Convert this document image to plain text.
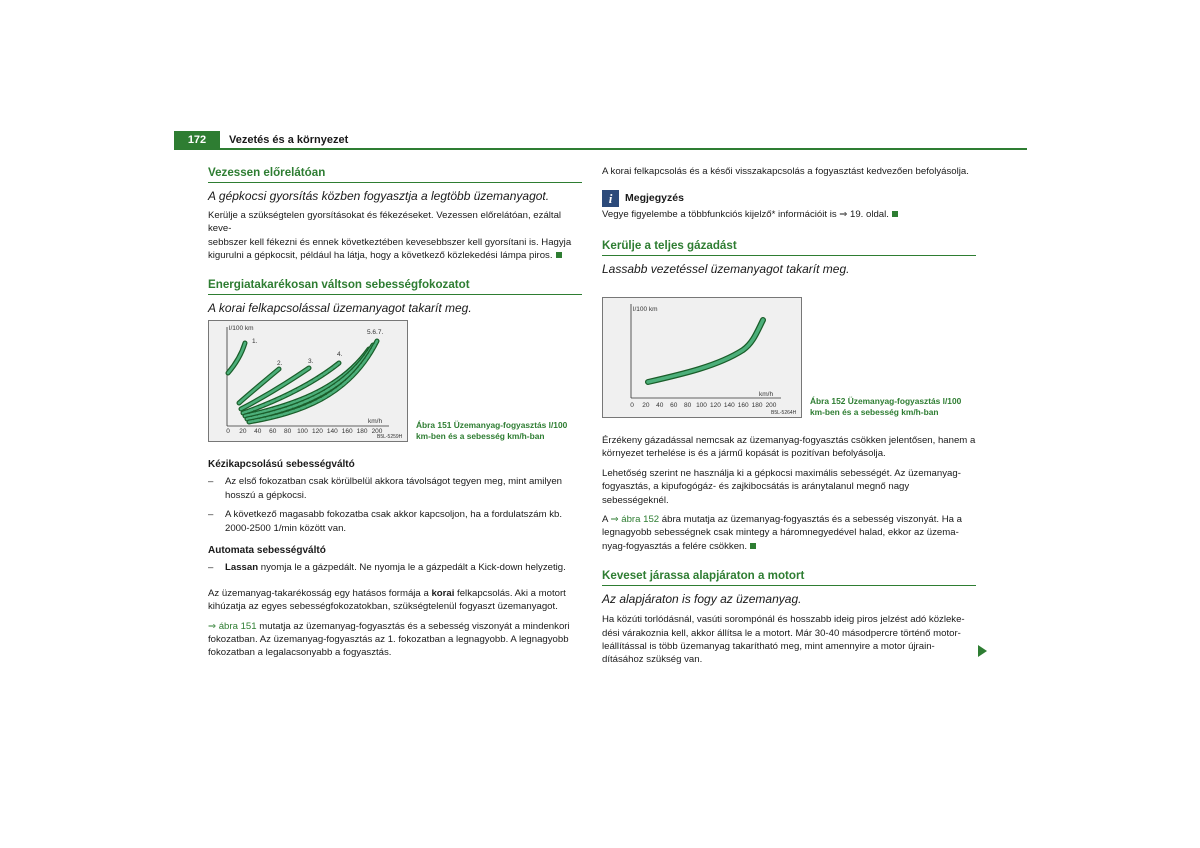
172	Vezetés és a környezet
Vezessen előrelátóan
A gépkocsi gyorsítás közben fogyasztja a legtöbb üzemanyagot.
Kerülje a szükségtelen gyorsításokat és fékezéseket. Vezessen előrelátóan, ezáltal keve-
sebbszer kell fékezni és ennek következtében kevesebbszer kell gyorsítani is. Hagyja
kigurulni a gépkocsit, például ha látja, hogy a következő közlekedési lámpa piros.
Energiatakarékosan váltson sebességfokozatot
A korai felkapcsolással üzemanyagot takarít meg.
l/100 km
km/h
0 20 40 60 80 100 120 140 160 180 200
1.
2.	3.
4.
5.6.7.
B5L-5259H
Ábra 151 Üzemanyag-fogyasztás l/100
km-ben és a sebesség km/h-ban
Kézikapcsolású sebességváltó
– Az első fokozatban csak körülbelül akkora távolságot tegyen meg, mint amilyen
hosszú a gépkocsi.
– A következő magasabb fokozatba csak akkor kapcsoljon, ha a fordulatszám kb.
2000-2500 1/min között van.
Automata sebességváltó
– Lassan nyomja le a gázpedált. Ne nyomja le a gázpedált a Kick-down helyzetig.
Az üzemanyag-takarékosság egy hatásos formája a korai felkapcsolás. Aki a motort
kihúzatja az egyes sebességfokozatokban, szükségtelenül fogyaszt üzemanyagot.
⇒ ábra 151 mutatja az üzemanyag-fogyasztás és a sebesség viszonyát a mindenkori
fokozatban. Az üzemanyag-fogyasztás az 1. fokozatban a legnagyobb. A legnagyobb
fokozatban a legalacsonyabb a fogyasztás.
A korai felkapcsolás és a késői visszakapcsolás a fogyasztást kedvezően befolyásolja.
i Megjegyzés
Vegye figyelembe a többfunkciós kijelző* információit is ⇒ 19. oldal.
Kerülje a teljes gázadást
Lassabb vezetéssel üzemanyagot takarít meg.
l/100 km
km/h
0 20 40 60 80 100 120 140 160 180 200
B5L-5264H
Ábra 152 Üzemanyag-fogyasztás l/100
km-ben és a sebesség km/h-ban
Érzékeny gázadással nemcsak az üzemanyag-fogyasztás csökken jelentősen, hanem a
környezet terhelése is és a jármű kopását is pozitívan befolyásolja.
Lehetőség szerint ne használja ki a gépkocsi maximális sebességét. Az üzemanyag-
fogyasztás, a kipufogógáz- és zajkibocsátás is aránytalanul megnő nagy sebességeknél.
A ⇒ ábra 152 ábra mutatja az üzemanyag-fogyasztás és a sebesség viszonyát. Ha a
legnagyobb sebességnek csak mintegy a háromnegyedével halad, ekkor az üzema-
nyag-fogyasztás a felére csökken.
Keveset járassa alapjáraton a motort
Az alapjáraton is fogy az üzemanyag.
Ha közúti torlódásnál, vasúti sorompónál és hosszabb ideig piros jelzést adó közleke-
dési várakoznia kell, akkor állítsa le a motort. Már 30-40 másodpercre történő motor-
leállítással is több üzemanyag takarítható meg, mint amennyire a motor újrain-
dításához szükség van.
